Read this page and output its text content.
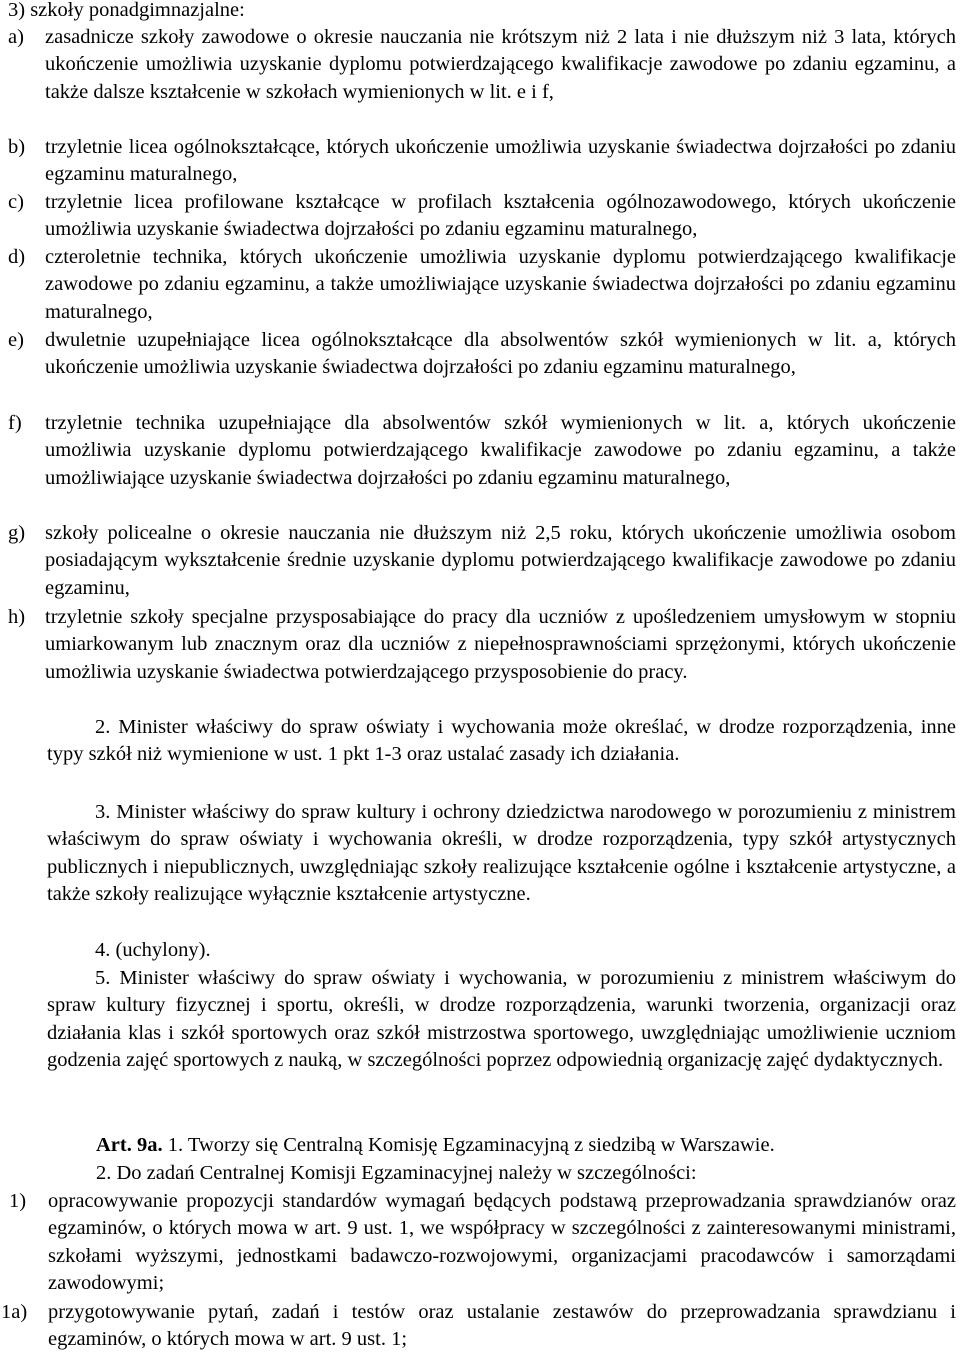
3) szkoły ponadgimnazjalne:
a) zasadnicze szkoły zawodowe o okresie nauczania nie krótszym niż 2 lata i nie dłuższym niż 3 lata, których ukończenie umożliwia uzyskanie dyplomu potwierdzającego kwalifikacje zawodowe po zdaniu egzaminu, a także dalsze kształcenie w szkołach wymienionych w lit. e i f,
b) trzyletnie licea ogólnokształcące, których ukończenie umożliwia uzyskanie świadectwa dojrzałości po zdaniu egzaminu maturalnego,
c) trzyletnie licea profilowane kształcące w profilach kształcenia ogólnozawodowego, których ukończenie umożliwia uzyskanie świadectwa dojrzałości po zdaniu egzaminu maturalnego,
d) czteroletnie technika, których ukończenie umożliwia uzyskanie dyplomu potwierdzającego kwalifikacje zawodowe po zdaniu egzaminu, a także umożliwiające uzyskanie świadectwa dojrzałości po zdaniu egzaminu maturalnego,
e) dwuletnie uzupełniające licea ogólnokształcące dla absolwentów szkół wymienionych w lit. a, których ukończenie umożliwia uzyskanie świadectwa dojrzałości po zdaniu egzaminu maturalnego,
f) trzyletnie technika uzupełniające dla absolwentów szkół wymienionych w lit. a, których ukończenie umożliwia uzyskanie dyplomu potwierdzającego kwalifikacje zawodowe po zdaniu egzaminu, a także umożliwiające uzyskanie świadectwa dojrzałości po zdaniu egzaminu maturalnego,
g) szkoły policealne o okresie nauczania nie dłuższym niż 2,5 roku, których ukończenie umożliwia osobom posiadającym wykształcenie średnie uzyskanie dyplomu potwierdzającego kwalifikacje zawodowe po zdaniu egzaminu,
h) trzyletnie szkoły specjalne przysposabiające do pracy dla uczniów z upośledzeniem umysłowym w stopniu umiarkowanym lub znacznym oraz dla uczniów z niepełnosprawnościami sprzężonymi, których ukończenie umożliwia uzyskanie świadectwa potwierdzającego przysposobienie do pracy.
2. Minister właściwy do spraw oświaty i wychowania może określać, w drodze rozporządzenia, inne typy szkół niż wymienione w ust. 1 pkt 1-3 oraz ustalać zasady ich działania.
3. Minister właściwy do spraw kultury i ochrony dziedzictwa narodowego w porozumieniu z ministrem właściwym do spraw oświaty i wychowania określi, w drodze rozporządzenia, typy szkół artystycznych publicznych i niepublicznych, uwzględniając szkoły realizujące kształcenie ogólne i kształcenie artystyczne, a także szkoły realizujące wyłącznie kształcenie artystyczne.
4. (uchylony).
5. Minister właściwy do spraw oświaty i wychowania, w porozumieniu z ministrem właściwym do spraw kultury fizycznej i sportu, określi, w drodze rozporządzenia, warunki tworzenia, organizacji oraz działania klas i szkół sportowych oraz szkół mistrzostwa sportowego, uwzględniając umożliwienie uczniom godzenia zajęć sportowych z nauką, w szczególności poprzez odpowiednią organizację zajęć dydaktycznych.
Art. 9a. 1. Tworzy się Centralną Komisję Egzaminacyjną z siedzibą w Warszawie.
2. Do zadań Centralnej Komisji Egzaminacyjnej należy w szczególności:
1) opracowywanie propozycji standardów wymagań będących podstawą przeprowadzania sprawdzianów oraz egzaminów, o których mowa w art. 9 ust. 1, we współpracy w szczególności z zainteresowanymi ministrami, szkołami wyższymi, jednostkami badawczo-rozwojowymi, organizacjami pracodawców i samorządami zawodowymi;
1a) przygotowywanie pytań, zadań i testów oraz ustalanie zestawów do przeprowadzania sprawdzianu i egzaminów, o których mowa w art. 9 ust. 1;
